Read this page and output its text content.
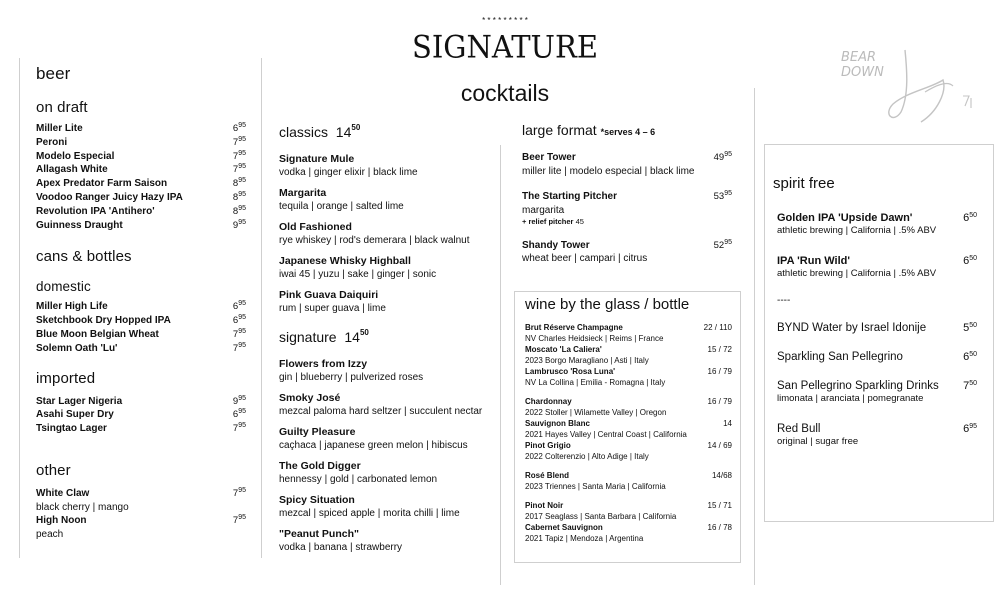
* * * * * * * * *
SIGNATURE
cocktails
BEAR DOWN
beer
on draft
Miller Lite	$6^{95}$
Peroni	$7^{95}$
Modelo Especial	$7^{95}$
Allagash White	$7^{95}$
Apex Predator Farm Saison	$8^{95}$
Voodoo Ranger Juicy Hazy IPA	$8^{95}$
Revolution IPA 'Antihero'	$8^{95}$
Guinness Draught	$9^{95}$
cans & bottles
domestic
Miller High Life	$6^{95}$
Sketchbook Dry Hopped IPA	$6^{95}$
Blue Moon Belgian Wheat	$7^{95}$
Solemn Oath 'Lu'	$7^{95}$
imported
Star Lager Nigeria	$9^{95}$
Asahi Super Dry	$6^{95}$
Tsingtao Lager	$7^{95}$
other
White Claw	$7^{95}$
black cherry | mango
High Noon	$7^{95}$
peach
classics $14^{50}$
Signature Mule
vodka | ginger elixir | black lime
Margarita
tequila | orange | salted lime
Old Fashioned
rye whiskey | rod's demerara | black walnut
Japanese Whisky Highball
iwai 45 | yuzu | sake | ginger | sonic
Pink Guava Daiquiri
rum | super guava | lime
signature $14^{50}$
Flowers from Izzy
gin | blueberry | pulverized roses
Smoky José
mezcal paloma hard seltzer | succulent nectar
Guilty Pleasure
caçhaca | japanese green melon | hibiscus
The Gold Digger
hennessy | gold | carbonated lemon
Spicy Situation
mezcal | spiced apple | morita chilli | lime
"Peanut Punch"
vodka | banana | strawberry
large format *serves 4 – 6
Beer Tower	$49^{95}$
miller lite | modelo especial | black lime
The Starting Pitcher	$53^{95}$
margarita
+ relief pitcher 45
Shandy Tower	$52^{95}$
wheat beer | campari | citrus
wine by the glass / bottle
Brut Réserve Champagne	22 / 110
NV Charles Heidsieck | Reims | France
Moscato 'La Caliera'	15 / 72
2023 Borgo Maragliano | Asti | Italy
Lambrusco 'Rosa Luna'	16 / 79
NV La Collina | Emilia - Romagna | Italy
Chardonnay	16 / 79
2022 Stoller | Wilamette Valley | Oregon
Sauvignon Blanc	14
2021 Hayes Valley | Central Coast | California
Pinot Grigio	14 / 69
2022 Colterenzio | Alto Adige | Italy
Rosé Blend	14/68
2023 Triennes | Santa Maria | California
Pinot Noir	15 / 71
2017 Seaglass | Santa Barbara | California
Cabernet Sauvignon	16 / 78
2021 Tapiz | Mendoza | Argentina
spirit free
Golden IPA 'Upside Dawn'	$6^{50}$
athletic brewing | California | .5% ABV
IPA 'Run Wild'	$6^{50}$
athletic brewing | California | .5% ABV
----
BYND Water by Israel Idonije	$5^{50}$
Sparkling San Pellegrino	$6^{50}$
San Pellegrino Sparkling Drinks $7^{50}$
limonata | aranciata | pomegranate
Red Bull	$6^{95}$
original | sugar free
